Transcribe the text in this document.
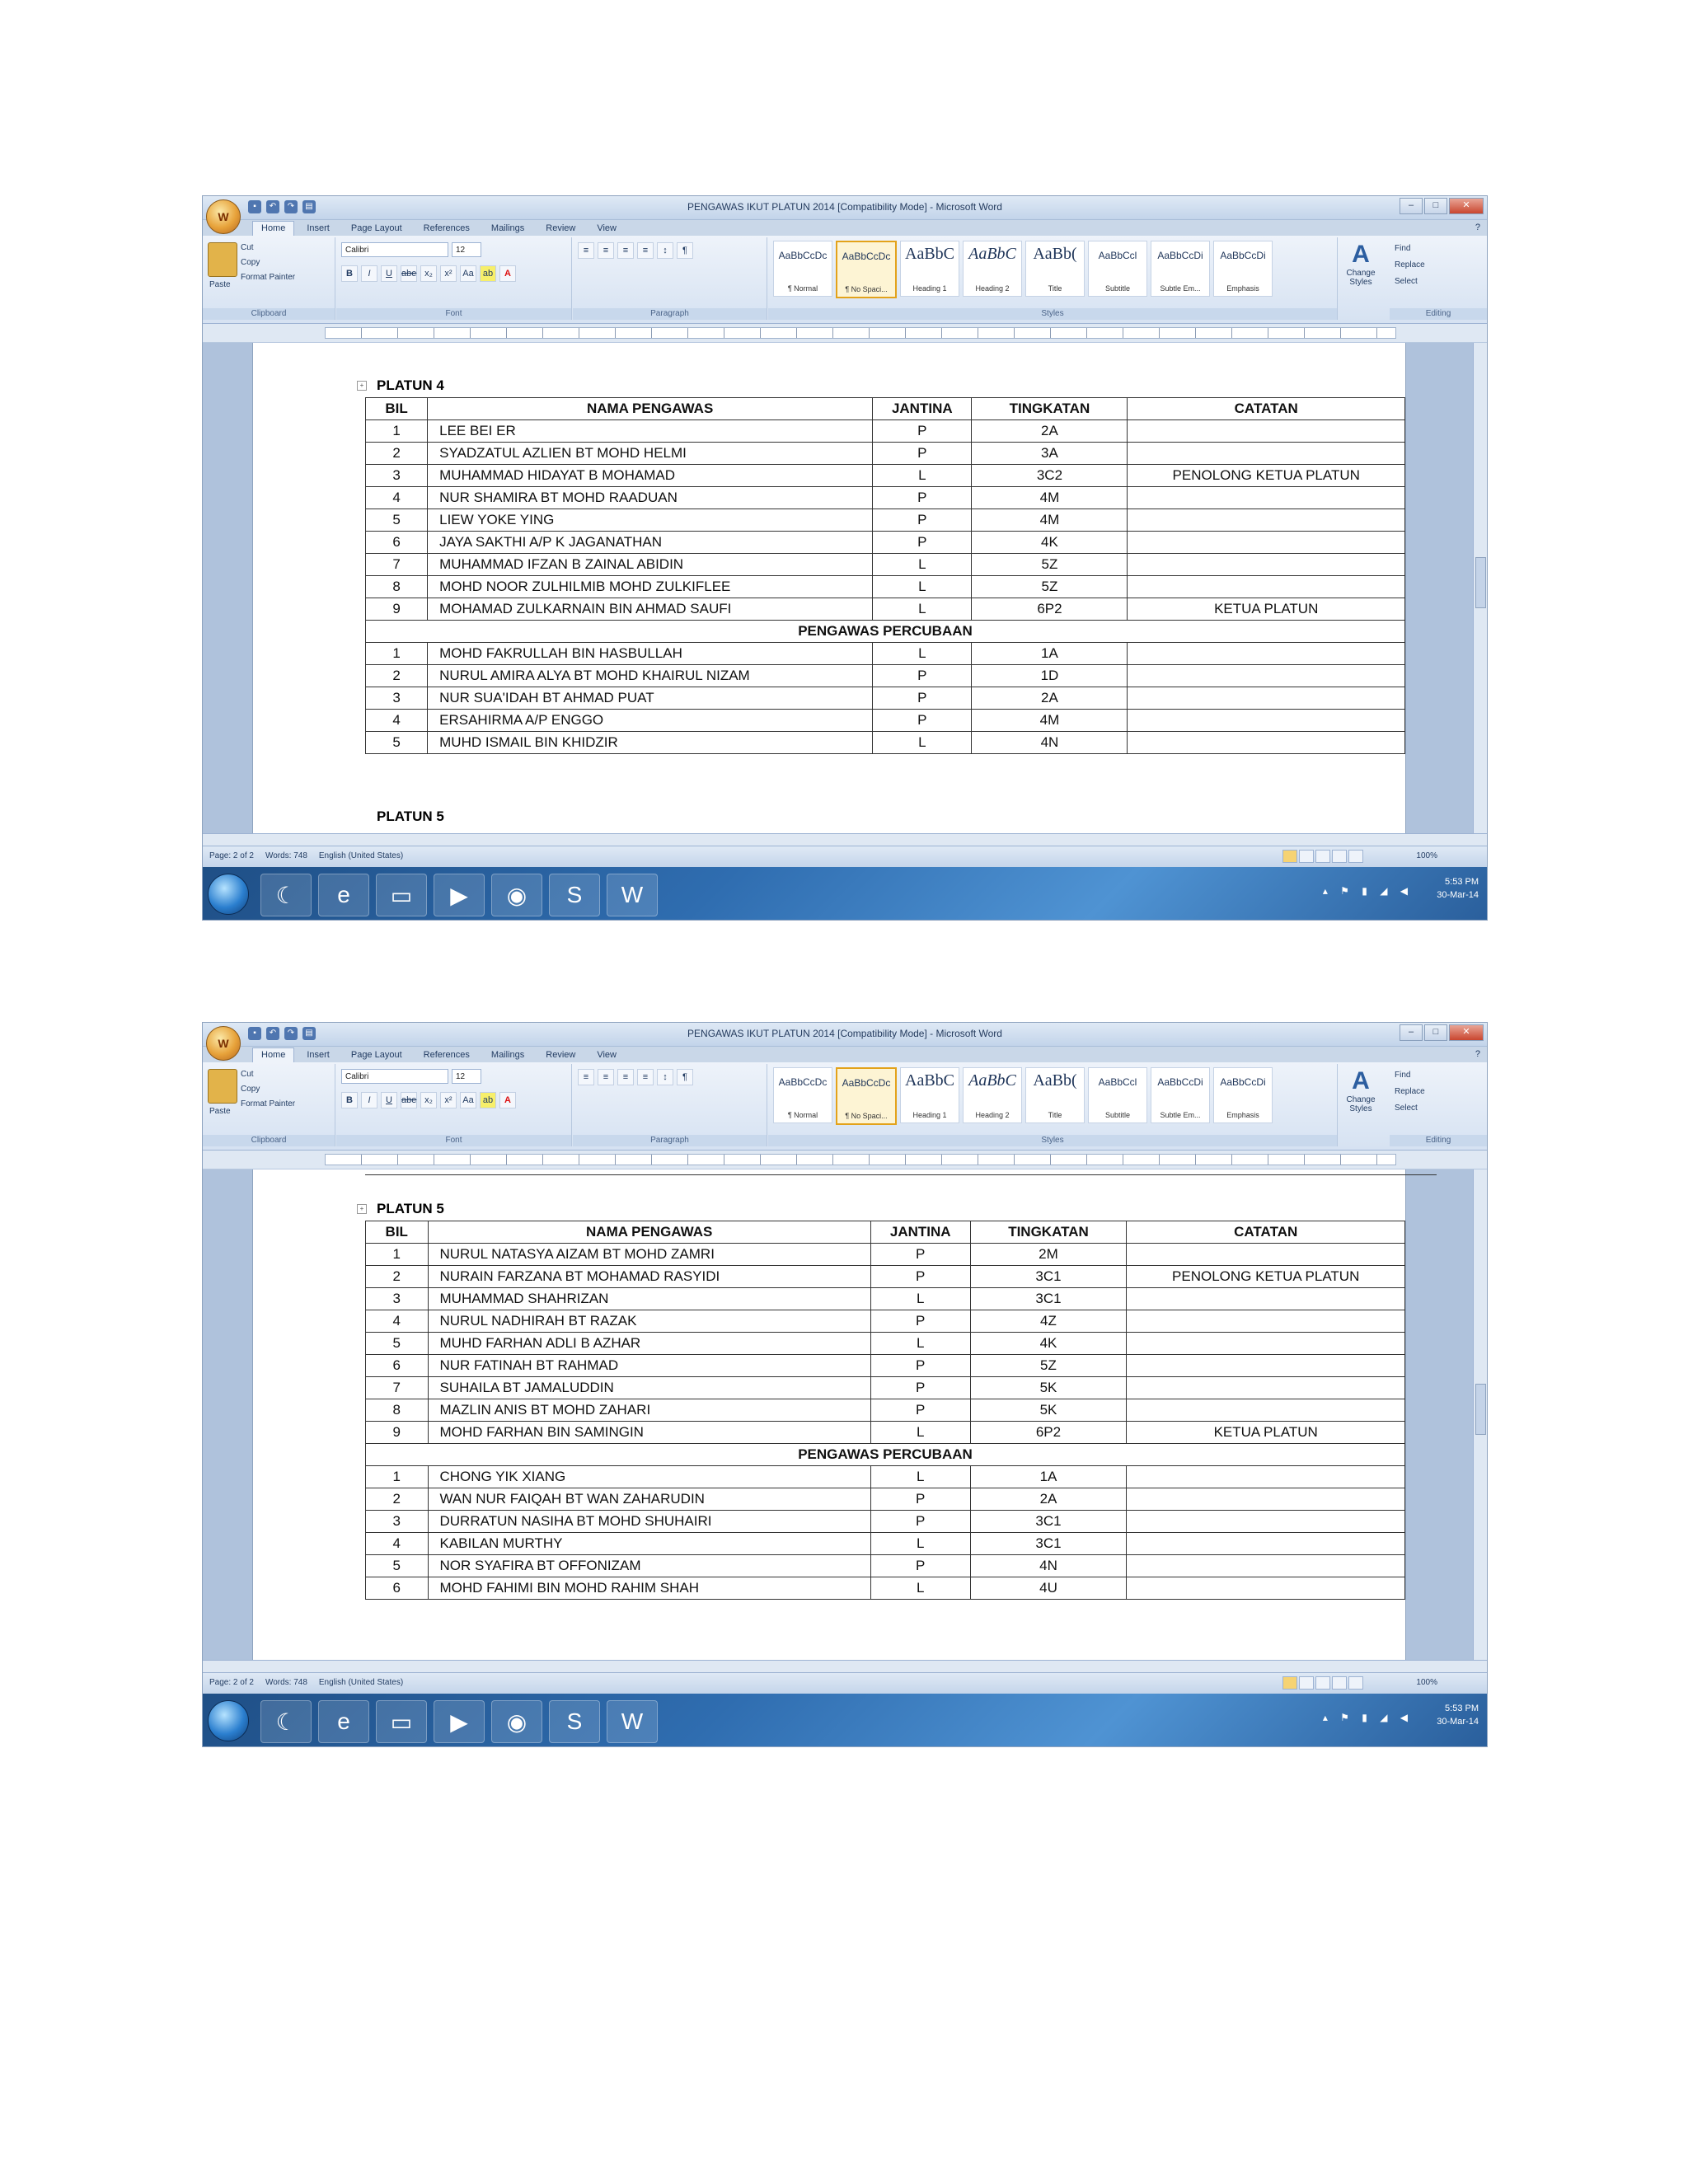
W
▪	↶	↷	▤	PENGAWAS IKUT PLATUN 2014 [Compatibility Mode] - Microsoft Word	–	□	✕
Home	Insert	Page Layout	References	Mailings	Review	View	?
Paste
Cut
Copy
Format Painter
Clipboard
Calibri	12
B	I	U	abe x₂	x²	Aa	ab	A
Font
≡	≡	≡	≡	↕	¶
Paragraph
AaBbCcDc
¶ Normal
AaBbCcDc
¶ No Spaci...
AaBbC
Heading 1
AaBbC
Heading 2
AaBb(
Title
AaBbCcl
Subtitle
AaBbCcDi
Subtle Em...
AaBbCcDi
Emphasis
Styles
A
Change Styles
Find
Replace
Select
Editing
+ PLATUN 4
BIL	NAMA PENGAWAS	JANTINA	TINGKATAN	CATATAN
1	LEE BEI ER	P	2A	
2	SYADZATUL AZLIEN BT MOHD HELMI	P	3A	
3	MUHAMMAD HIDAYAT B MOHAMAD	L	3C2	PENOLONG KETUA PLATUN
4	NUR SHAMIRA BT MOHD RAADUAN	P	4M	
5	LIEW YOKE YING	P	4M	
6	JAYA SAKTHI A/P K JAGANATHAN	P	4K	
7	MUHAMMAD IFZAN B ZAINAL ABIDIN	L	5Z	
8	MOHD NOOR ZULHILMIB MOHD ZULKIFLEE	L	5Z	
9	MOHAMAD ZULKARNAIN BIN AHMAD SAUFI	L	6P2	KETUA PLATUN
PENGAWAS PERCUBAAN				
1	MOHD FAKRULLAH BIN HASBULLAH	L	1A	
2	NURUL AMIRA ALYA BT MOHD KHAIRUL NIZAM	P	1D	
3	NUR SUA'IDAH BT AHMAD PUAT	P	2A	
4	ERSAHIRMA A/P ENGGO	P	4M	
5	MUHD ISMAIL BIN KHIDZIR	L	4N	
PLATUN 5
Page: 2 of 2 Words: 748 English (United States)	100%
☾	e	▭	▶	◉	S	W	▴ ⚑ ▮ ◢ ◀
5:53 PM
30-Mar-14
W
▪	↶	↷	▤	PENGAWAS IKUT PLATUN 2014 [Compatibility Mode] - Microsoft Word	–	□	✕
Home	Insert	Page Layout	References	Mailings	Review	View	?
Paste
Cut
Copy
Format Painter
Clipboard
Calibri	12
B	I	U	abe x₂	x²	Aa	ab	A
Font
≡	≡	≡	≡	↕	¶
Paragraph
AaBbCcDc
¶ Normal
AaBbCcDc
¶ No Spaci...
AaBbC
Heading 1
AaBbC
Heading 2
AaBb(
Title
AaBbCcl
Subtitle
AaBbCcDi
Subtle Em...
AaBbCcDi
Emphasis
Styles
A
Change Styles
Find
Replace
Select
Editing
+ PLATUN 5
BIL	NAMA PENGAWAS	JANTINA	TINGKATAN	CATATAN
1	NURUL NATASYA AIZAM BT MOHD ZAMRI	P	2M	
2	NURAIN FARZANA BT MOHAMAD RASYIDI	P	3C1	PENOLONG KETUA PLATUN
3	MUHAMMAD SHAHRIZAN	L	3C1	
4	NURUL NADHIRAH BT RAZAK	P	4Z	
5	MUHD FARHAN ADLI B AZHAR	L	4K	
6	NUR FATINAH BT RAHMAD	P	5Z	
7	SUHAILA BT JAMALUDDIN	P	5K	
8	MAZLIN ANIS BT MOHD ZAHARI	P	5K	
9	MOHD FARHAN BIN SAMINGIN	L	6P2	KETUA PLATUN
PENGAWAS PERCUBAAN				
1	CHONG YIK XIANG	L	1A	
2	WAN NUR FAIQAH BT WAN ZAHARUDIN	P	2A	
3	DURRATUN NASIHA BT MOHD SHUHAIRI	P	3C1	
4	KABILAN MURTHY	L	3C1	
5	NOR SYAFIRA BT OFFONIZAM	P	4N	
6	MOHD FAHIMI BIN MOHD RAHIM SHAH	L	4U	
Page: 2 of 2 Words: 748 English (United States)	100%
☾	e	▭	▶	◉	S	W	▴ ⚑ ▮ ◢ ◀
5:53 PM
30-Mar-14
